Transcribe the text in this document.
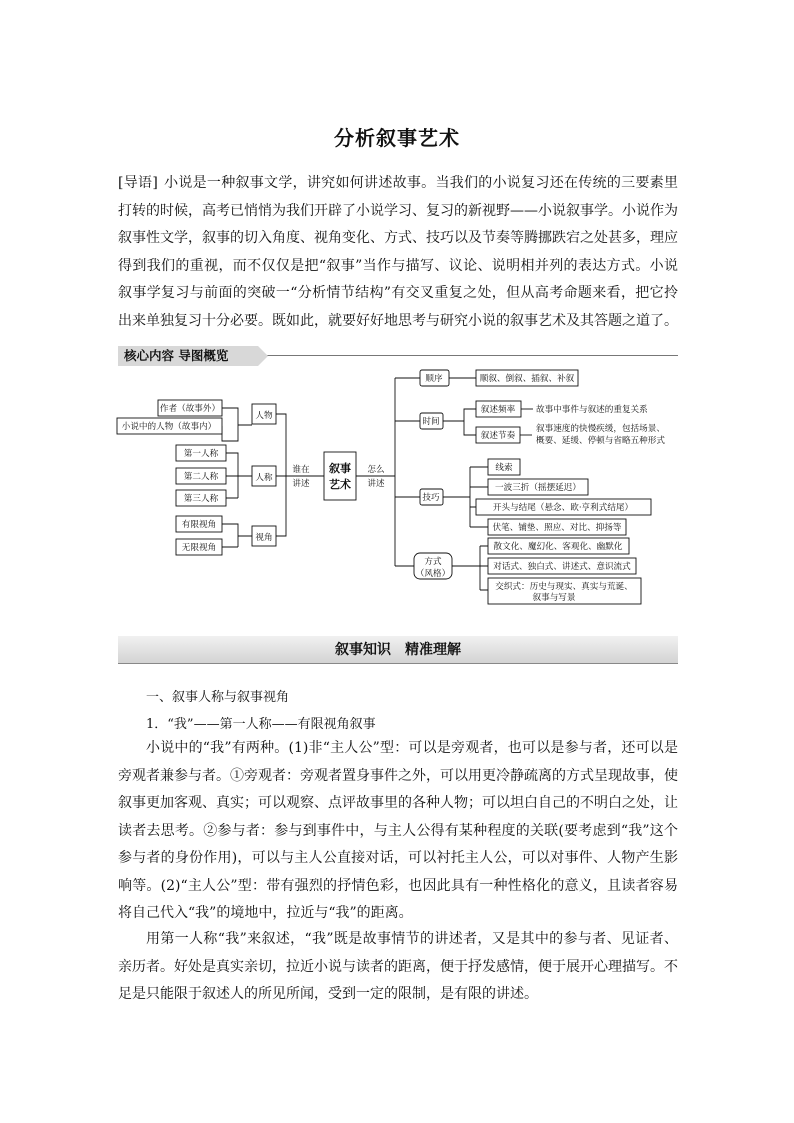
分析叙事艺术

[导语] 小说是一种叙事文学，讲究如何讲述故事。当我们的小说复习还在传统的三要素里打转的时候，高考已悄悄为我们开辟了小说学习、复习的新视野——小说叙事学。小说作为叙事性文学，叙事的切入角度、视角变化、方式、技巧以及节奏等腾挪跌宕之处甚多，理应得到我们的重视，而不仅仅是把“叙事”当作与描写、议论、说明相并列的表达方式。小说叙事学复习与前面的突破一“分析情节结构”有交叉重复之处，但从高考命题来看，把它拎出来单独复习十分必要。既如此，就要好好地思考与研究小说的叙事艺术及其答题之道了。

核心内容 导图概览
作者（故事外）
小说中的人物（故事内）
人物
第一人称
第二人称
第三人称
人称
有限视角
无限视角
视角
谁在
讲述
叙事
艺术
怎么
讲述
顺序	顺叙、倒叙、插叙、补叙
时间
叙述频率
叙述节奏
技巧
线索
一波三折（摇摆延迟）
开头与结尾（悬念、欧·亨利式结尾）
伏笔、铺垫、照应、对比、抑扬等
方式
（风格）
散文化、魔幻化、客观化、幽默化
对话式、独白式、讲述式、意识流式
交织式：历史与现实、真实与荒诞、
叙事与写景
故事中事件与叙述的重复关系
叙事速度的快慢疾缓，包括场景、
概要、延缓、停顿与省略五种形式
叙事知识　精准理解
一、叙事人称与叙事视角
1．“我”——第一人称——有限视角叙事

小说中的“我”有两种。(1)非“主人公”型：可以是旁观者，也可以是参与者，还可以是旁观者兼参与者。①旁观者：旁观者置身事件之外，可以用更冷静疏离的方式呈现故事，使叙事更加客观、真实；可以观察、点评故事里的各种人物；可以坦白自己的不明白之处，让读者去思考。②参与者：参与到事件中，与主人公得有某种程度的关联(要考虑到“我”这个参与者的身份作用)，可以与主人公直接对话，可以衬托主人公，可以对事件、人物产生影响等。(2)“主人公”型：带有强烈的抒情色彩，也因此具有一种性格化的意义，且读者容易将自己代入“我”的境地中，拉近与“我”的距离。

用第一人称“我”来叙述，“我”既是故事情节的讲述者，又是其中的参与者、见证者、亲历者。好处是真实亲切，拉近小说与读者的距离，便于抒发感情，便于展开心理描写。不足是只能限于叙述人的所见所闻，受到一定的限制，是有限的讲述。
